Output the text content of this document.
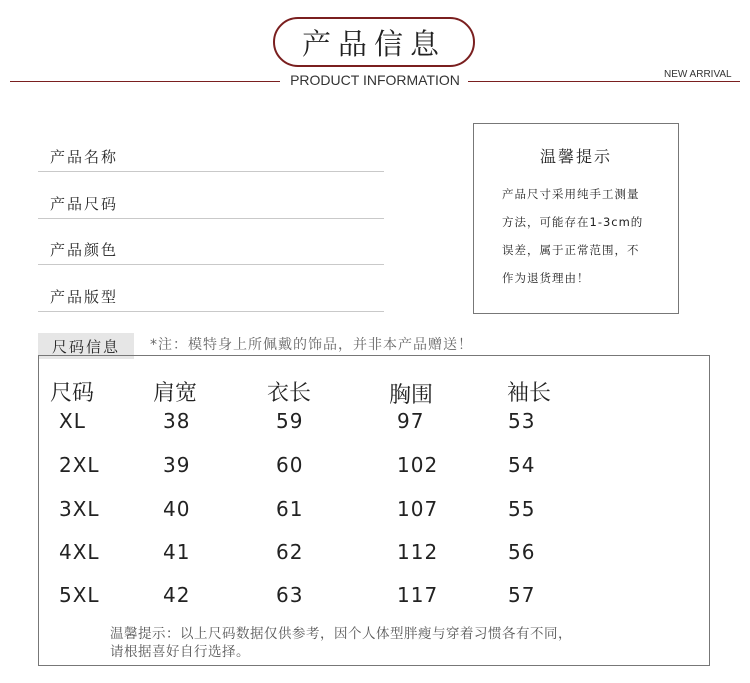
产品信息
PRODUCT INFORMATION	NEW ARRIVAL
产品名称
产品尺码
产品颜色
产品版型
温馨提示
产品尺寸采用纯手工测量
方法，可能存在1-3cm的
误差，属于正常范围，不
作为退货理由！
尺码信息	*注：模特身上所佩戴的饰品，并非本产品赠送！
尺码	肩宽	衣长	胸围	袖长
XL	38	59	97	53
2XL	39	60	102	54
3XL	40	61	107	55
4XL	41	62	112	56
5XL	42	63	117	57
温馨提示：以上尺码数据仅供参考，因个人体型胖瘦与穿着习惯各有不同，
请根据喜好自行选择。
